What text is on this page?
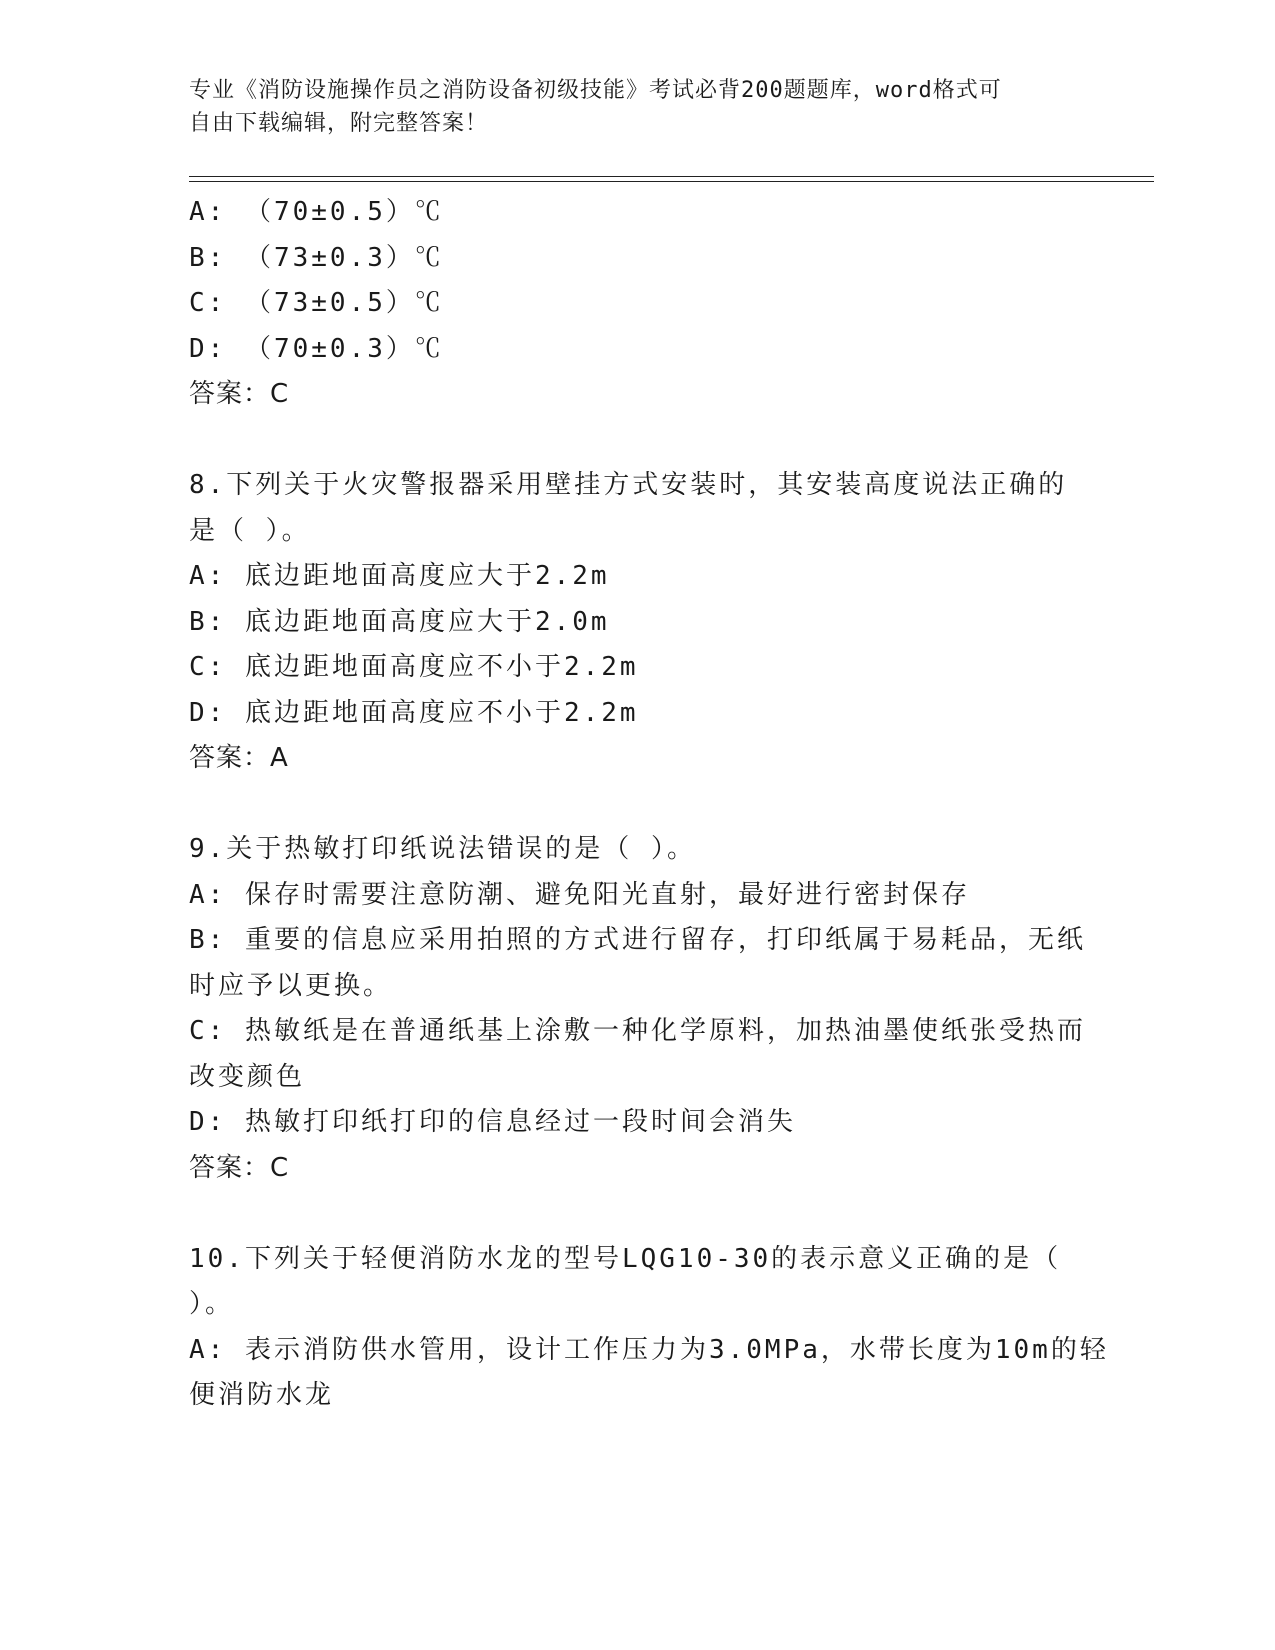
专业《消防设施操作员之消防设备初级技能》考试必背200题题库，word格式可
自由下载编辑，附完整答案！
A: （70±0.5）℃
B: （73±0.3）℃
C: （73±0.5）℃
D: （70±0.3）℃
答案：C
8.下列关于火灾警报器采用壁挂方式安装时，其安装高度说法正确的
是（ ）。
A: 底边距地面高度应大于2.2m
B: 底边距地面高度应大于2.0m
C: 底边距地面高度应不小于2.2m
D: 底边距地面高度应不小于2.2m
答案：A
9.关于热敏打印纸说法错误的是（ ）。
A: 保存时需要注意防潮、避免阳光直射，最好进行密封保存
B: 重要的信息应采用拍照的方式进行留存，打印纸属于易耗品，无纸
时应予以更换。
C: 热敏纸是在普通纸基上涂敷一种化学原料，加热油墨使纸张受热而
改变颜色
D: 热敏打印纸打印的信息经过一段时间会消失
答案：C
10.下列关于轻便消防水龙的型号LQG10-30的表示意义正确的是（
）。
A: 表示消防供水管用，设计工作压力为3.0MPa，水带长度为10m的轻
便消防水龙
